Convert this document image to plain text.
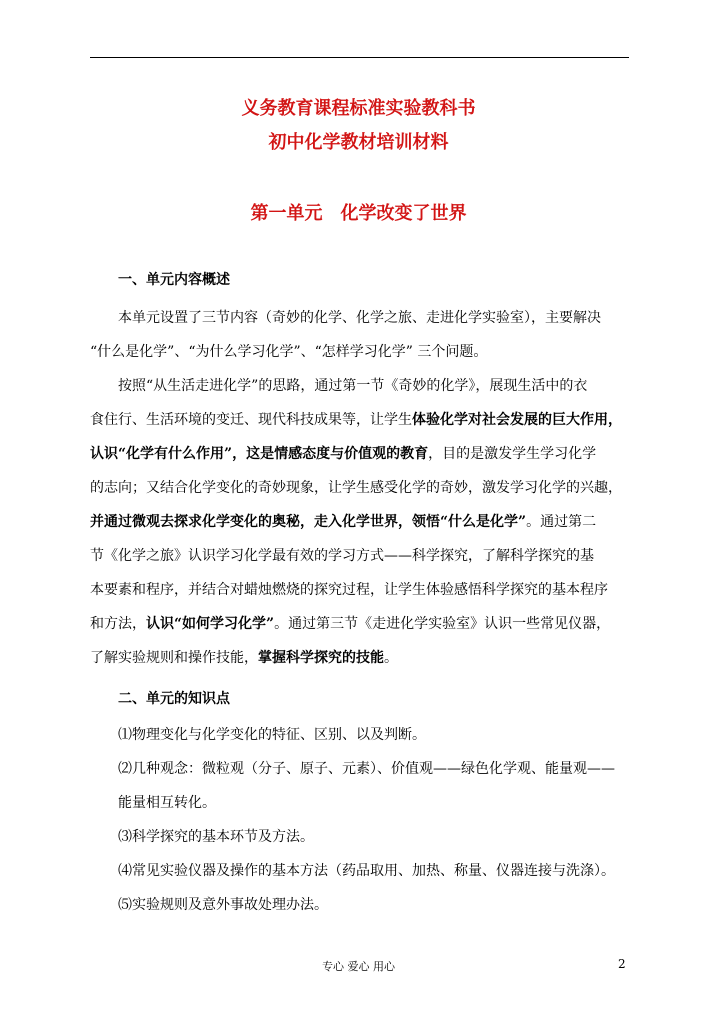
义务教育课程标准实验教科书
初中化学教材培训材料
第一单元　化学改变了世界
一、单元内容概述
本单元设置了三节内容（奇妙的化学、化学之旅、走进化学实验室），主要解决
“什么是化学”、“为什么学习化学”、“怎样学习化学” 三个问题。
按照“从生活走进化学”的思路，通过第一节《奇妙的化学》，展现生活中的衣
食住行、生活环境的变迁、现代科技成果等，让学生体验化学对社会发展的巨大作用，
认识“化学有什么作用”，这是情感态度与价值观的教育，目的是激发学生学习化学
的志向；又结合化学变化的奇妙现象，让学生感受化学的奇妙，激发学习化学的兴趣，
并通过微观去探求化学变化的奥秘，走入化学世界，领悟“什么是化学”。通过第二
节《化学之旅》认识学习化学最有效的学习方式——科学探究，了解科学探究的基
本要素和程序，并结合对蜡烛燃烧的探究过程，让学生体验感悟科学探究的基本程序
和方法，认识“如何学习化学”。通过第三节《走进化学实验室》认识一些常见仪器，
了解实验规则和操作技能，掌握科学探究的技能。
二、单元的知识点
⑴物理变化与化学变化的特征、区别、以及判断。
⑵几种观念：微粒观（分子、原子、元素）、价值观——绿色化学观、能量观——
能量相互转化。
⑶科学探究的基本环节及方法。
⑷常见实验仪器及操作的基本方法（药品取用、加热、称量、仪器连接与洗涤）。
⑸实验规则及意外事故处理办法。
专心 爱心 用心	2
